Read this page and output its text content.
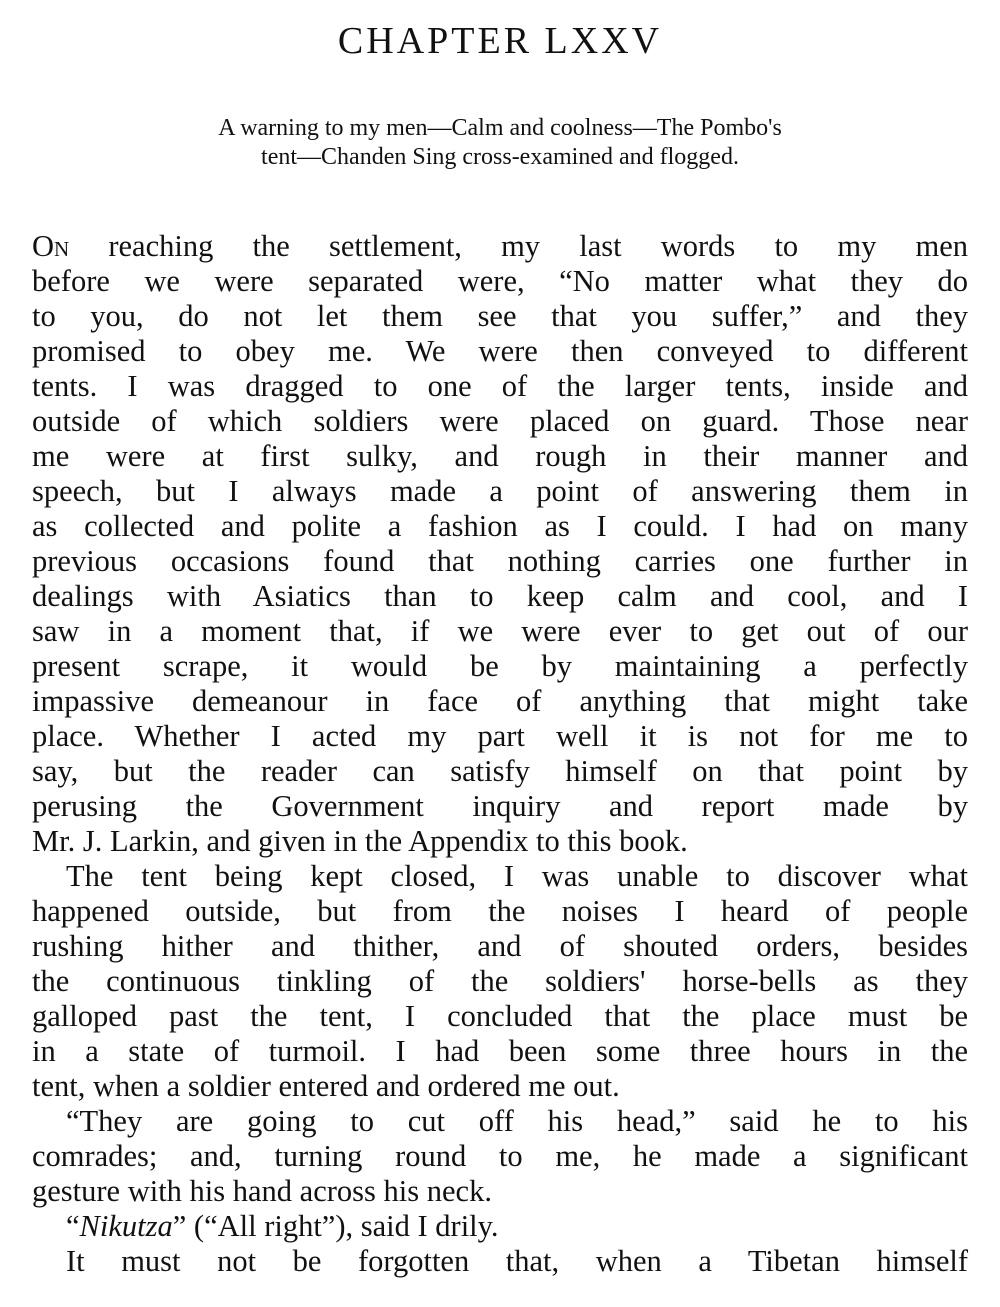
CHAPTER LXXV
A warning to my men—Calm and coolness—The Pombo's
tent—Chanden Sing cross-examined and flogged.
On reaching the settlement, my last words to my men
before we were separated were, “No matter what they do
to you, do not let them see that you suffer,” and they
promised to obey me. We were then conveyed to different
tents. I was dragged to one of the larger tents, inside and
outside of which soldiers were placed on guard. Those near
me were at first sulky, and rough in their manner and
speech, but I always made a point of answering them in
as collected and polite a fashion as I could. I had on many
previous occasions found that nothing carries one further in
dealings with Asiatics than to keep calm and cool, and I
saw in a moment that, if we were ever to get out of our
present scrape, it would be by maintaining a perfectly
impassive demeanour in face of anything that might take
place. Whether I acted my part well it is not for me to
say, but the reader can satisfy himself on that point by
perusing the Government inquiry and report made by
Mr. J. Larkin, and given in the Appendix to this book.
The tent being kept closed, I was unable to discover what
happened outside, but from the noises I heard of people
rushing hither and thither, and of shouted orders, besides
the continuous tinkling of the soldiers' horse-bells as they
galloped past the tent, I concluded that the place must be
in a state of turmoil. I had been some three hours in the
tent, when a soldier entered and ordered me out.
“They are going to cut off his head,” said he to his
comrades; and, turning round to me, he made a significant
gesture with his hand across his neck.
“Nikutza” (“All right”), said I drily.
It must not be forgotten that, when a Tibetan himself
